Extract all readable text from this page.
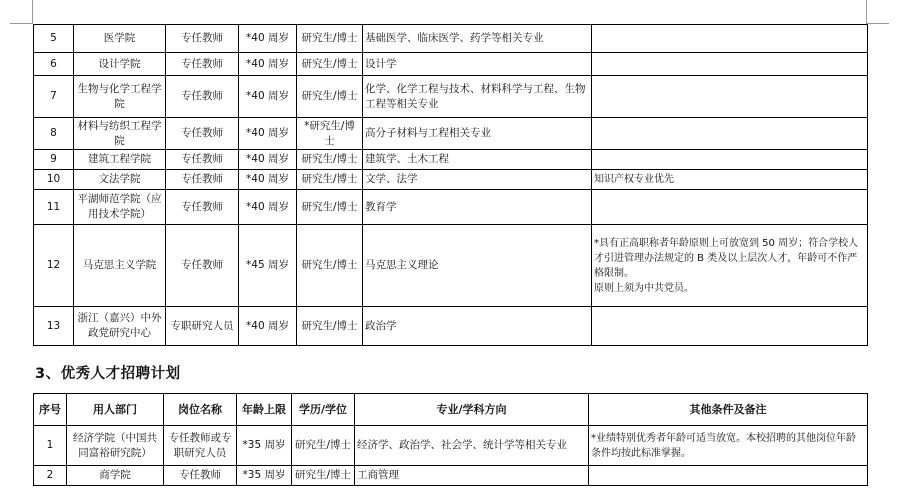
5	医学院	专任教师	*40 周岁	研究生/博士	基础医学、临床医学、药学等相关专业	
6	设计学院	专任教师	*40 周岁	研究生/博士	设计学	
7	生物与化学工程学院	专任教师	*40 周岁	研究生/博士	化学、化学工程与技术、材料科学与工程、生物工程等相关专业	
8	材料与纺织工程学院	专任教师	*40 周岁	*研究生/博士	高分子材料与工程相关专业	
9	建筑工程学院	专任教师	*40 周岁	研究生/博士	建筑学、土木工程	
10	文法学院	专任教师	*40 周岁	研究生/博士	文学、法学	知识产权专业优先
11	平湖师范学院（应用技术学院）	专任教师	*40 周岁	研究生/博士	教育学	
12	马克思主义学院	专任教师	*45 周岁	研究生/博士	马克思主义理论	*具有正高职称者年龄原则上可放宽到 50 周岁；符合学校人才引进管理办法规定的 B 类及以上层次人才，年龄可不作严格限制。
原则上须为中共党员。
13	浙江（嘉兴）中外政党研究中心	专职研究人员	*40 周岁	研究生/博士	政治学	
3、优秀人才招聘计划
序号	用人部门	岗位名称	年龄上限	学历/学位	专业/学科方向	其他条件及备注
1	经济学院（中国共同富裕研究院）	专任教师或专职研究人员	*35 周岁	研究生/博士	经济学、政治学、社会学、统计学等相关专业	*业绩特别优秀者年龄可适当放宽。本校招聘的其他岗位年龄条件均按此标准掌握。
2	商学院	专任教师	*35 周岁	研究生/博士	工商管理	
